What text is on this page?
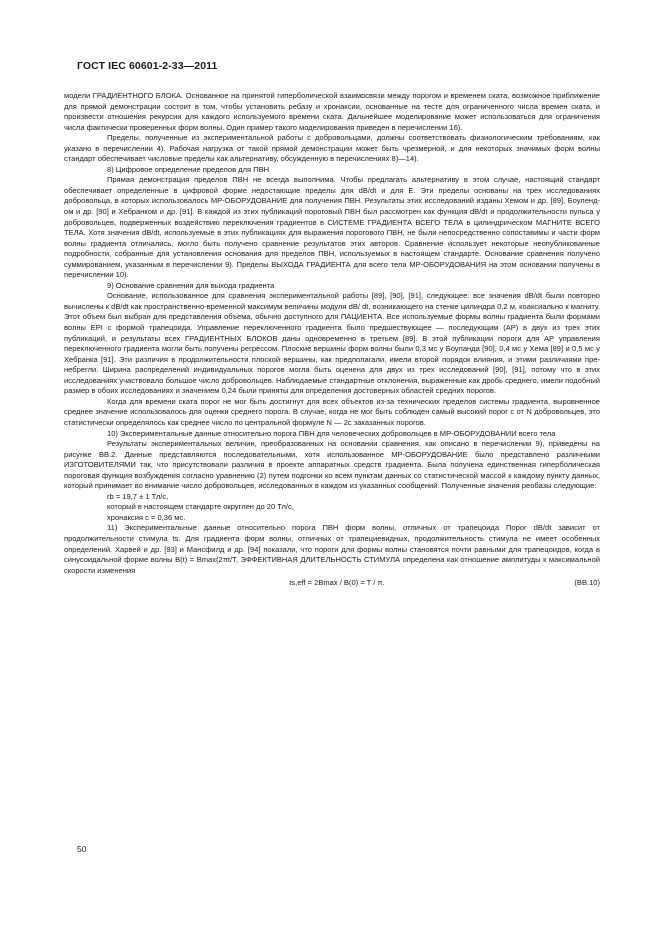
ГОСТ IEC 60601-2-33—2011

модели ГРАДИЕНТНОГО БЛОКА. Основанное на принятой гиперболической взаимосвязи между порогом и временем ската, возможное приближение для прямой демонстрации состоит в том, чтобы установить ребазу и хронаксии, основанные на тесте для ограниченного числа времен ската, и произвести отношения рекурсии для каждого используемого времени ската. Дальнейшее моделирование может использоваться для ограничения числа фактически проверенных форм волны. Один пример такого моделирования приведен в перечислении 16).

Пределы, полученные из экспериментальной работы с добровольцами, должны соответствовать физиологическим требованиям, как указано в перечислении 4). Рабочая нагрузка от такой прямой демонстрации может быть чрезмерной, и для некоторых значимых форм волны стандарт обеспечивает числовые пределы как альтернативу, обсужденную в перечислениях 8)—14).

8) Цифровое определение пределов для ПВН

Прямая демонстрация пределов ПВН не всегда выполнима. Чтобы предлагать альтернативу в этом случае, настоящий стандарт обеспечивает определенные в цифровой форме недостающие пределы для dB/dt и для E. Эти пределы основаны на трех исследованиях добровольца, в которых использовалось МР-ОБОРУДОВАНИЕ для получения ПВН. Результаты этих исследований изданы Хемом и др. [89], Боулендом и др. [90] и Хебранком и др. [91]. В каждой из этих публикаций пороговый ПВН был рассмотрен как функция dB/dt и продолжительности пульса у добровольцев, подверженных воздействию переключения градиентов в СИСТЕМЕ ГРАДИЕНТА ВСЕГО ТЕЛА в цилиндрическом МАГНИТЕ ВСЕГО ТЕЛА. Хотя значения dB/dt, используемые в этих публикациях для выражения порогового ПВН, не были непосредственно сопоставимы и части форм волны градиента отличались, могло быть получено сравнение результатов этих авторов. Сравнение использует некоторые неопубликованные подробности, собранные для установления основания для пределов ПВН, используемых в настоящем стандарте. Основание сравнения получено суммированием, указанным в перечислении 9). Пределы ВЫХОДА ГРАДИЕНТА для всего тела МР-ОБОРУДОВАНИЯ на этом основании получены в перечислении 10).

9) Основание сравнения для выхода градиента

Основание, использованное для сравнения экспериментальной работы [89], [90], [91], следующее: все значения dB/dt были повторно вычислены к dB/dt как пространственно-временной максимум величины модуля dB/ dt, возникающего на стенке цилиндра 0,2 м, коаксиально к магниту. Этот объем был выбран для представления объема, обычно доступного для ПАЦИЕНТА. Все используемые формы волны градиента были формами волны EPI с формой трапецоида. Управление переключенного градиента было предшествующее — последующим (АР) в двух из трех этих публикаций, и результаты всех ГРАДИЕНТНЫХ БЛОКОВ даны одновременно в третьем [89]. В этой публикации пороги для АР управления переключенного градиента могли быть получены регрессом. Плоские вершины форм волны были 0,3 мс у Боуланда [90], 0,4 мс у Хема [89] и 0,5 мс у Хебранка [91]. Эти различия в продолжительности плоской вершины, как предполагали, имели второй порядок влияния, и этими различиями пренебрегли. Ширина распределений индивидуальных порогов могла быть оценена для двух из трех исследований [90], [91], потому что в этих исследованиях участвовало большое число добровольцев. Наблюдаемые стандартные отклонения, выраженные как дробь среднего, имели подобный размер в обоих исследованиях и значением 0,24 были приняты для определения достоверных областей средних порогов.

Когда для времени ската порог не мог быть достигнут для всех объектов из-за технических пределов системы градиента, выровненное среднее значение использовалось для оценки среднего порога. В случае, когда не мог быть соблюден самый высокий порог с от N добровольцев, это статистически определялось как среднее число по центральной формуле N — 2с заказанных порогов.

10) Экспериментальные данные относительно порога ПВН для человеческих добровольцев в МР-ОБОРУДОВАНИИ всего тела

Результаты экспериментальных величин, преобразованных на основании сравнения, как описано в перечислении 9), приведены на рисунке ВВ.2. Данные представляются последовательными, хотя использованное МР-ОБОРУДОВАНИЕ было представлено различными ИЗГОТОВИТЕЛЯМИ так, что присутствовали различия в проекте аппаратных средств градиента. Была получена единственная гиперболическая пороговая функция возбуждения согласно уравнению (2) путем подгонки ко всем пунктам данных со статистической массой к каждому пункту данных, который принимает во внимание число добровольцев, исследованных в каждом из указанных сообщений. Полученные значения реобазы следующие:

rb = 19,7 ± 1 Тл/с,

который в настоящем стандарте округлен до 20 Тл/с,

хронаксия с = 0,36 мс.

11) Экспериментальные данные относительно порога ПВН форм волны, отличных от трапецоида Порог dB/dt зависит от продолжительности стимула ts. Для градиента форм волны, отличных от трапециевидных, продолжительность стимула не имеет особенных определений. Харвей и др. [93] и Мансфилд и др. [94] показали, что пороги для формы волны становятся почти равными для трапецоидов, когда в синусоидальной форме волны B(t) = Bmax(2πt/T, ЭФФЕКТИВНАЯ ДЛИТЕЛЬНОСТЬ СТИМУЛА определена как отношение амплитуды к максимальной скорости изменения

ts,eff = 2Bmax / B(0) = T / π.	(ВВ.10)
50
